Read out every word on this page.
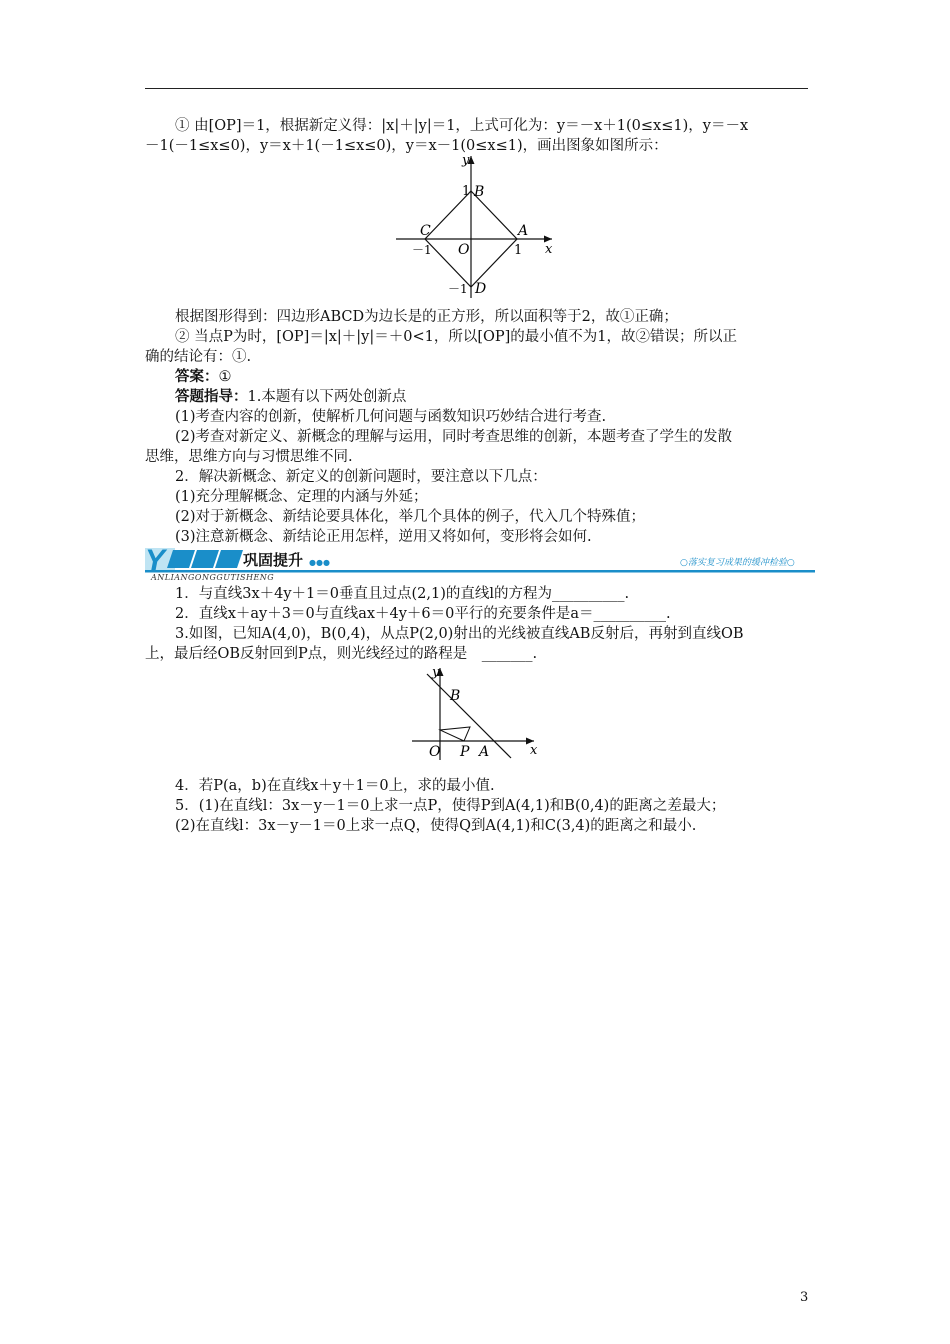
① 由[OP]＝1，根据新定义得：|x|＋|y|＝1，上式可化为：y＝－x＋1(0≤x≤1)，y＝－x

－1(－1≤x≤0)，y＝x＋1(－1≤x≤0)，y＝x－1(0≤x≤1)，画出图象如图所示：

y
x
1 B
A
C
O
－1	1
－1 D

根据图形得到：四边形ABCD为边长是的正方形，所以面积等于2，故①正确；

② 当点P为时，[OP]＝|x|＋|y|＝＋0<1，所以[OP]的最小值不为1，故②错误；所以正

确的结论有：①.

答案：①

答题指导：1.本题有以下两处创新点

(1)考查内容的创新，使解析几何问题与函数知识巧妙结合进行考查.

(2)考查对新定义、新概念的理解与运用，同时考查思维的创新，本题考查了学生的发散

思维，思维方向与习惯思维不同.

2．解决新概念、新定义的创新问题时，要注意以下几点：

(1)充分理解概念、定理的内涵与外延；

(2)对于新概念、新结论要具体化，举几个具体的例子，代入几个特殊值；

(3)注意新概念、新结论正用怎样，逆用又将如何，变形将会如何.

Y	巩固提升 ●●●
ANLIANGONGGUTISHENG
○落实复习成果的缓冲检验○

1．与直线3x＋4y＋1＝0垂直且过点(2,1)的直线l的方程为__________.

2．直线x＋ay＋3＝0与直线ax＋4y＋6＝0平行的充要条件是a＝__________.

3.如图，已知A(4,0)，B(0,4)，从点P(2,0)射出的光线被直线AB反射后，再射到直线OB

上，最后经OB反射回到P点，则光线经过的路程是　_______.

y
x
B
O P A

4．若P(a，b)在直线x＋y＋1＝0上，求的最小值.

5．(1)在直线l：3x－y－1＝0上求一点P，使得P到A(4,1)和B(0,4)的距离之差最大；

(2)在直线l：3x－y－1＝0上求一点Q，使得Q到A(4,1)和C(3,4)的距离之和最小.

3
